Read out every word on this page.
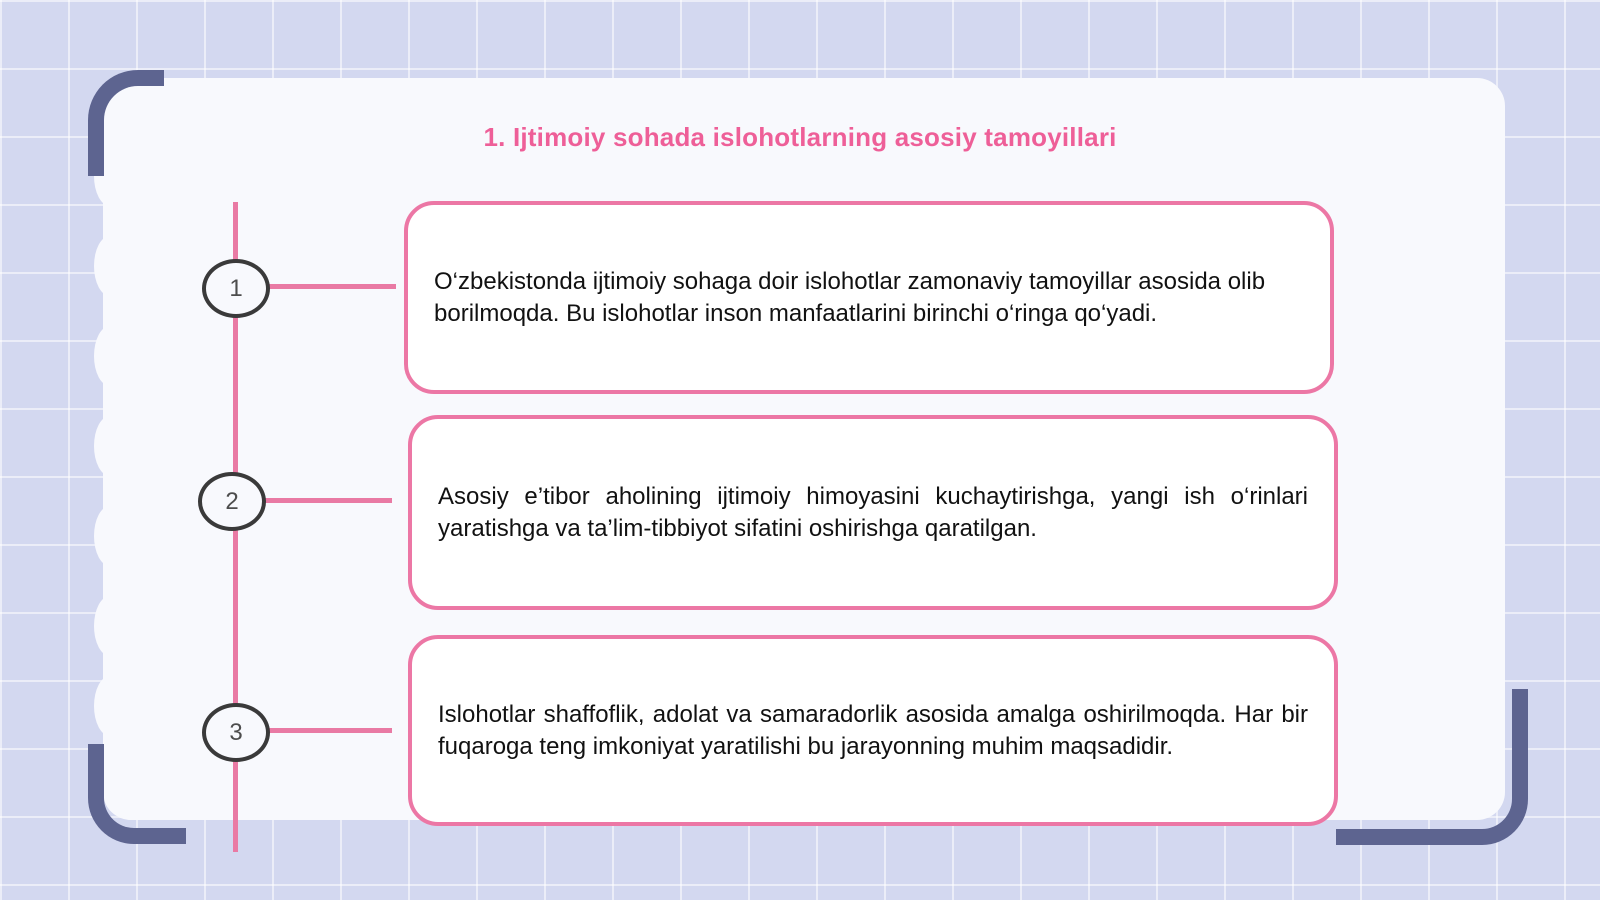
1. Ijtimoiy sohada islohotlarning asosiy tamoyillari
1	O‘zbekistonda ijtimoiy sohaga doir islohotlar zamonaviy tamoyillar asosida olib borilmoqda. Bu islohotlar inson manfaatlarini birinchi o‘ringa qo‘yadi.

2	Asosiy e’tibor aholining ijtimoiy himoyasini kuchaytirishga, yangi ish o‘rinlari yaratishga va ta’lim-tibbiyot sifatini oshirishga qaratilgan.

3

Islohotlar shaffoflik, adolat va samaradorlik asosida amalga oshirilmoqda. Har bir fuqaroga teng imkoniyat yaratilishi bu jarayonning muhim maqsadidir.
